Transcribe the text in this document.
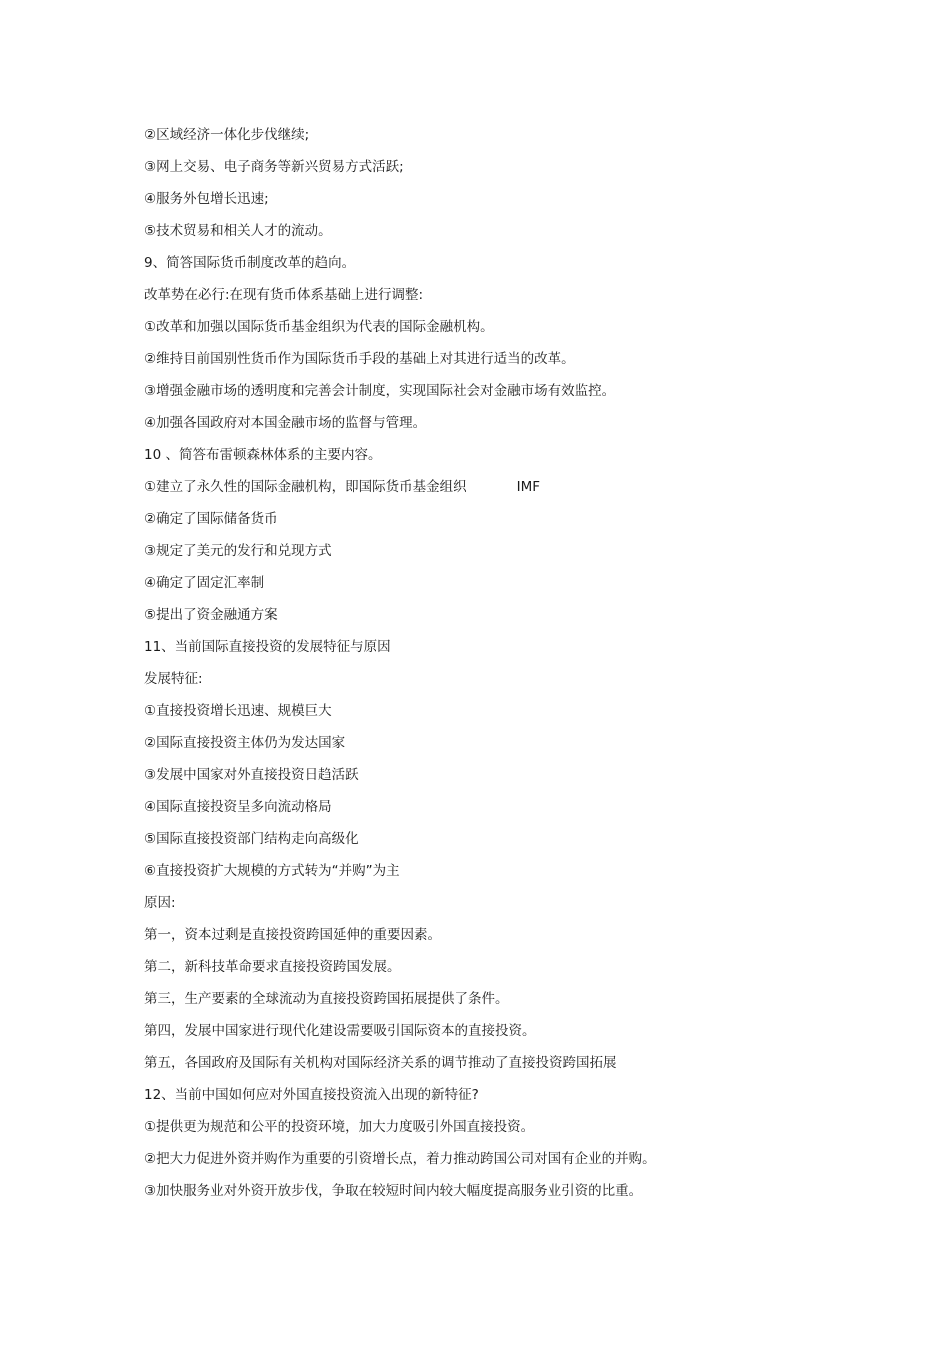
②区域经济一体化步伐继续;
③网上交易、电子商务等新兴贸易方式活跃;
④服务外包增长迅速;
⑤技术贸易和相关人才的流动。
9、简答国际货币制度改革的趋向。
改革势在必行:在现有货币体系基础上进行调整:
①改革和加强以国际货币基金组织为代表的国际金融机构。
②维持目前国别性货币作为国际货币手段的基础上对其进行适当的改革。
③增强金融市场的透明度和完善会计制度，实现国际社会对金融市场有效监控。
④加强各国政府对本国金融市场的监督与管理。
10 、简答布雷顿森林体系的主要内容。
①建立了永久性的国际金融机构，即国际货币基金组织	IMF
②确定了国际储备货币
③规定了美元的发行和兑现方式
④确定了固定汇率制
⑤提出了资金融通方案
11、当前国际直接投资的发展特征与原因
发展特征:
①直接投资增长迅速、规模巨大
②国际直接投资主体仍为发达国家
③发展中国家对外直接投资日趋活跃
④国际直接投资呈多向流动格局
⑤国际直接投资部门结构走向高级化
⑥直接投资扩大规模的方式转为“并购”为主
原因:
第一，资本过剩是直接投资跨国延伸的重要因素。
第二，新科技革命要求直接投资跨国发展。
第三，生产要素的全球流动为直接投资跨国拓展提供了条件。
第四，发展中国家进行现代化建设需要吸引国际资本的直接投资。
第五，各国政府及国际有关机构对国际经济关系的调节推动了直接投资跨国拓展
12、当前中国如何应对外国直接投资流入出现的新特征?
①提供更为规范和公平的投资环境，加大力度吸引外国直接投资。
②把大力促进外资并购作为重要的引资增长点，着力推动跨国公司对国有企业的并购。
③加快服务业对外资开放步伐，争取在较短时间内较大幅度提高服务业引资的比重。
